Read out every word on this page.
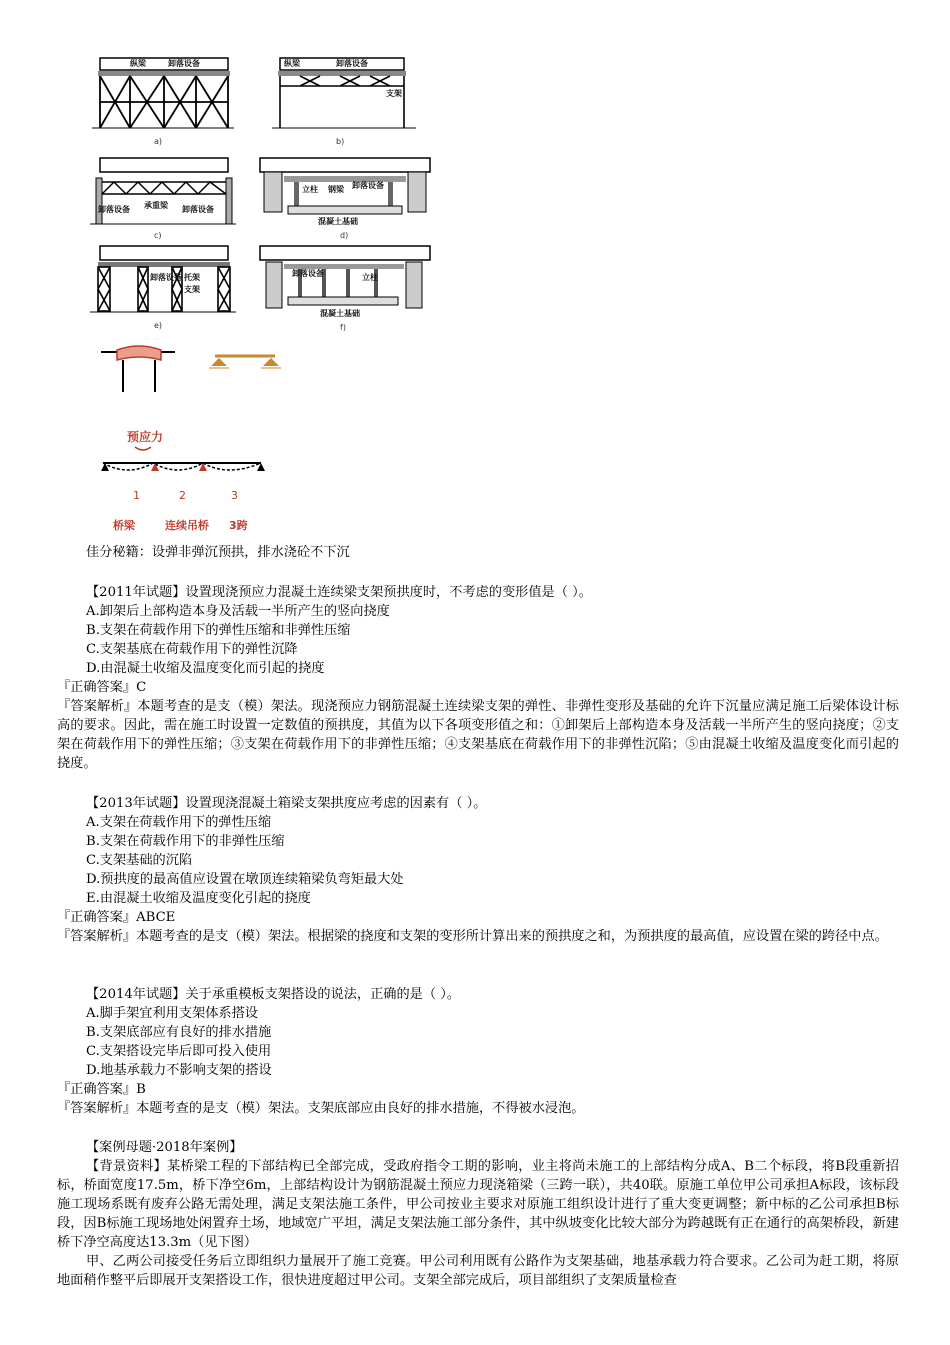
纵梁	卸落设备
a)
纵梁	卸落设备
支架
b)
卸落设备 承重梁 卸落设备
c)
立柱 钢梁 卸落设备
混凝土基础
d)
卸落设备 托架
支架
e)
卸落设备	立柱
混凝土基础
f)
预应力
1	2	3
桥梁	连续吊桥 3跨
佳分秘籍：设弹非弹沉预拱，排水浇砼不下沉
【2011年试题】设置现浇预应力混凝土连续梁支架预拱度时，不考虑的变形值是（ ）。
A.卸架后上部构造本身及活载一半所产生的竖向挠度
B.支架在荷载作用下的弹性压缩和非弹性压缩
C.支架基底在荷载作用下的弹性沉降
D.由混凝土收缩及温度变化而引起的挠度
『正确答案』C
『答案解析』本题考查的是支（模）架法。现浇预应力钢筋混凝土连续梁支架的弹性、非弹性变形及基础的允许下沉量应满足施工后梁体设计标高的要求。因此，需在施工时设置一定数值的预拱度，其值为以下各项变形值之和：①卸架后上部构造本身及活载一半所产生的竖向挠度；②支架在荷载作用下的弹性压缩；③支架在荷载作用下的非弹性压缩；④支架基底在荷载作用下的非弹性沉陷；⑤由混凝土收缩及温度变化而引起的挠度。
【2013年试题】设置现浇混凝土箱梁支架拱度应考虑的因素有（ ）。
A.支架在荷载作用下的弹性压缩
B.支架在荷载作用下的非弹性压缩
C.支架基础的沉陷
D.预拱度的最高值应设置在墩顶连续箱梁负弯矩最大处
E.由混凝土收缩及温度变化引起的挠度
『正确答案』ABCE
『答案解析』本题考查的是支（模）架法。根据梁的挠度和支架的变形所计算出来的预拱度之和，为预拱度的最高值，应设置在梁的跨径中点。
【2014年试题】关于承重模板支架搭设的说法，正确的是（ ）。
A.脚手架宜利用支架体系搭设
B.支架底部应有良好的排水措施
C.支架搭设完毕后即可投入使用
D.地基承载力不影响支架的搭设
『正确答案』B
『答案解析』本题考查的是支（模）架法。支架底部应由良好的排水措施，不得被水浸泡。
【案例母题·2018年案例】
【背景资料】某桥梁工程的下部结构已全部完成，受政府指令工期的影响，业主将尚未施工的上部结构分成A、B二个标段，将B段重新招标，桥面宽度17.5m，桥下净空6m，上部结构设计为钢筋混凝土预应力现浇箱梁（三跨一联），共40联。原施工单位甲公司承担A标段，该标段施工现场系既有废弃公路无需处理，满足支架法施工条件，甲公司按业主要求对原施工组织设计进行了重大变更调整；新中标的乙公司承担B标段，因B标施工现场地处闲置弃土场，地域宽广平坦，满足支架法施工部分条件，其中纵坡变化比较大部分为跨越既有正在通行的高架桥段，新建桥下净空高度达13.3m（见下图）
甲、乙两公司接受任务后立即组织力量展开了施工竞赛。甲公司利用既有公路作为支架基础，地基承载力符合要求。乙公司为赶工期，将原地面稍作整平后即展开支架搭设工作，很快进度超过甲公司。支架全部完成后，项目部组织了支架质量检查
